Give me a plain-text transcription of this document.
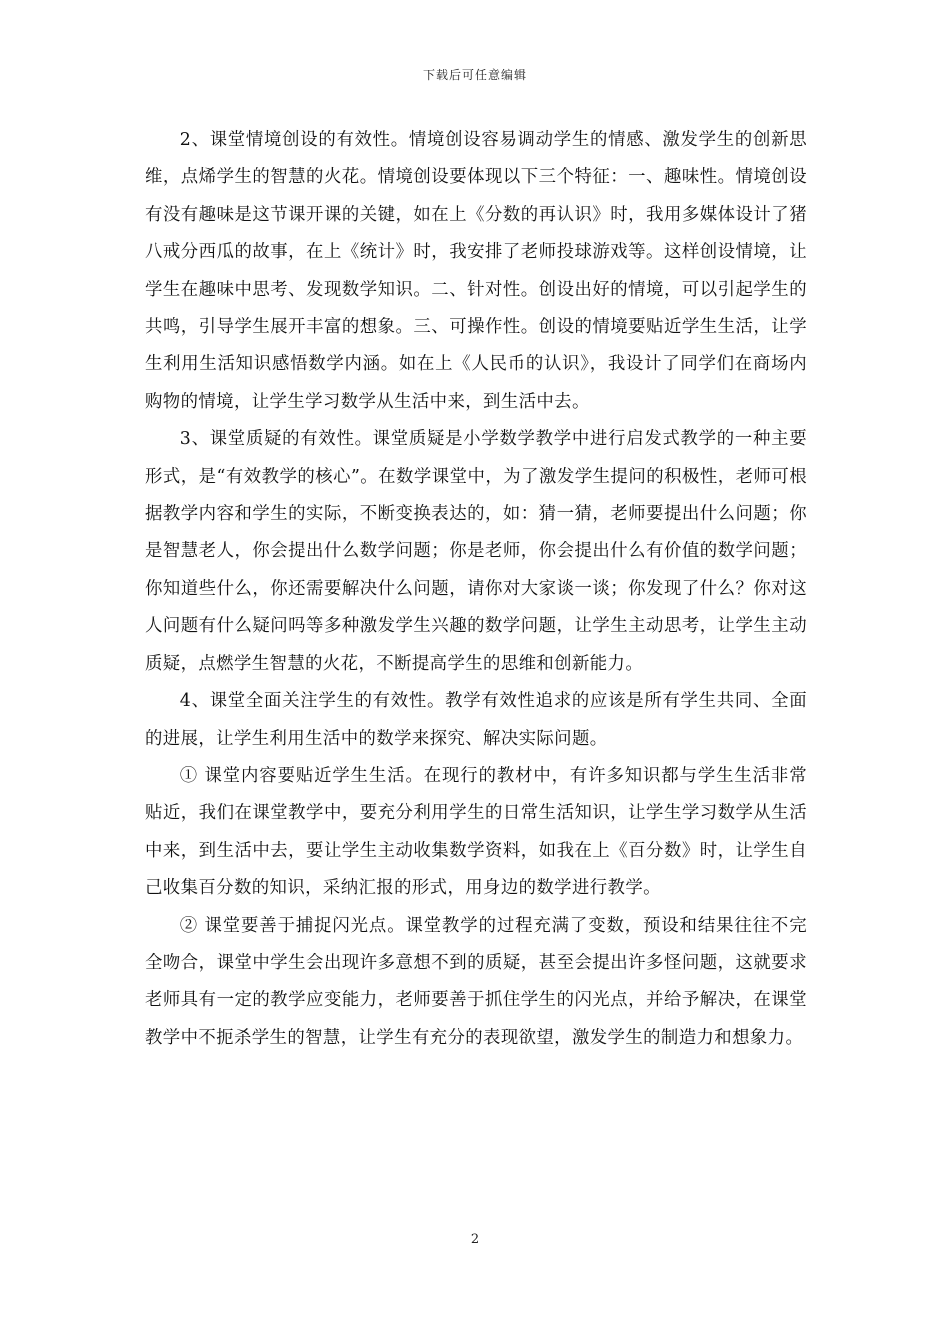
下载后可任意编辑

2、课堂情境创设的有效性。情境创设容易调动学生的情感、激发学生的创新思维，点烯学生的智慧的火花。情境创设要体现以下三个特征：一、趣味性。情境创设有没有趣味是这节课开课的关键，如在上《分数的再认识》时，我用多媒体设计了猪八戒分西瓜的故事，在上《统计》时，我安排了老师投球游戏等。这样创设情境，让学生在趣味中思考、发现数学知识。二、针对性。创设出好的情境，可以引起学生的共鸣，引导学生展开丰富的想象。三、可操作性。创设的情境要贴近学生生活，让学生利用生活知识感悟数学内涵。如在上《人民币的认识》，我设计了同学们在商场内购物的情境，让学生学习数学从生活中来，到生活中去。

3、课堂质疑的有效性。课堂质疑是小学数学教学中进行启发式教学的一种主要形式，是“有效教学的核心”。在数学课堂中，为了激发学生提问的积极性，老师可根据教学内容和学生的实际，不断变换表达的，如：猜一猜，老师要提出什么问题；你是智慧老人，你会提出什么数学问题；你是老师，你会提出什么有价值的数学问题；你知道些什么，你还需要解决什么问题，请你对大家谈一谈；你发现了什么？你对这人问题有什么疑问吗等多种激发学生兴趣的数学问题，让学生主动思考，让学生主动质疑，点燃学生智慧的火花，不断提高学生的思维和创新能力。

4、课堂全面关注学生的有效性。教学有效性追求的应该是所有学生共同、全面的进展，让学生利用生活中的数学来探究、解决实际问题。

① 课堂内容要贴近学生生活。在现行的教材中，有许多知识都与学生生活非常贴近，我们在课堂教学中，要充分利用学生的日常生活知识，让学生学习数学从生活中来，到生活中去，要让学生主动收集数学资料，如我在上《百分数》时，让学生自己收集百分数的知识，采纳汇报的形式，用身边的数学进行教学。

② 课堂要善于捕捉闪光点。课堂教学的过程充满了变数，预设和结果往往不完全吻合，课堂中学生会出现许多意想不到的质疑，甚至会提出许多怪问题，这就要求老师具有一定的教学应变能力，老师要善于抓住学生的闪光点，并给予解决，在课堂教学中不扼杀学生的智慧，让学生有充分的表现欲望，激发学生的制造力和想象力。

2
